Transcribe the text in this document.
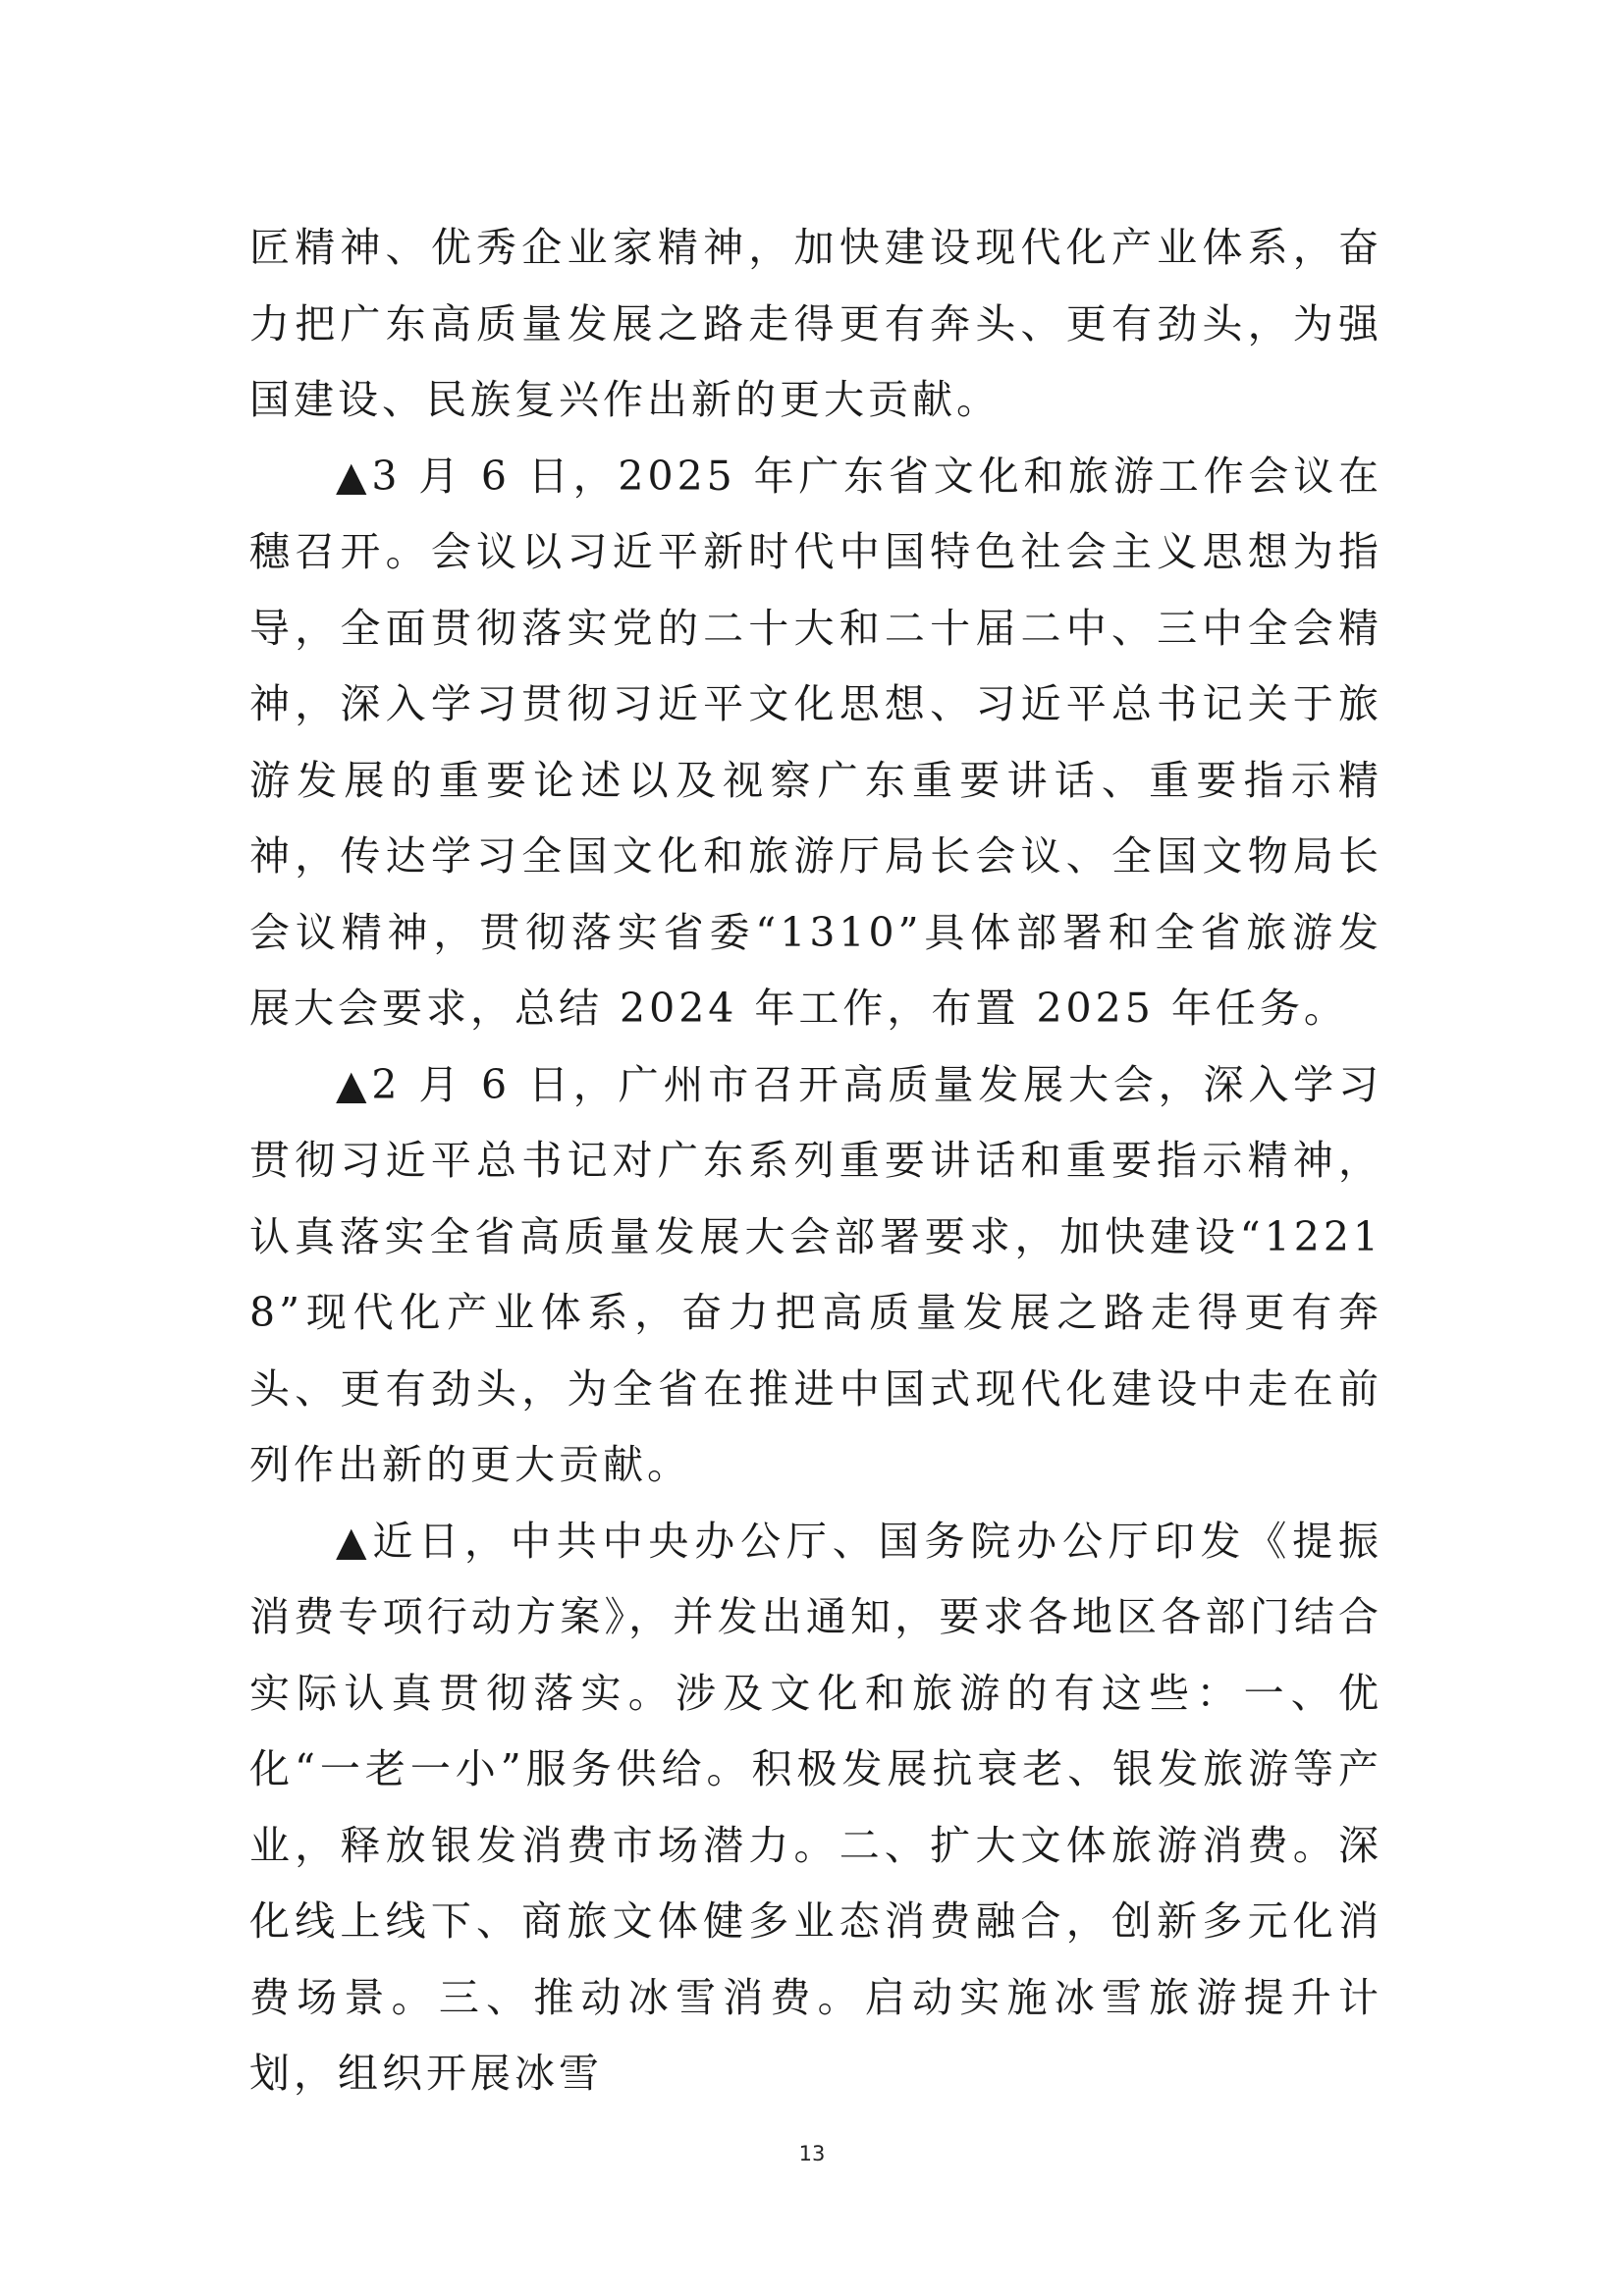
匠精神、优秀企业家精神，加快建设现代化产业体系，奋力把广东高质量发展之路走得更有奔头、更有劲头，为强国建设、民族复兴作出新的更大贡献。

▲3 月 6 日，2025 年广东省文化和旅游工作会议在穗召开。会议以习近平新时代中国特色社会主义思想为指导，全面贯彻落实党的二十大和二十届二中、三中全会精神，深入学习贯彻习近平文化思想、习近平总书记关于旅游发展的重要论述以及视察广东重要讲话、重要指示精神，传达学习全国文化和旅游厅局长会议、全国文物局长会议精神，贯彻落实省委“1310”具体部署和全省旅游发展大会要求，总结 2024 年工作，布置 2025 年任务。

▲2 月 6 日，广州市召开高质量发展大会，深入学习贯彻习近平总书记对广东系列重要讲话和重要指示精神，认真落实全省高质量发展大会部署要求，加快建设“12218”现代化产业体系，奋力把高质量发展之路走得更有奔头、更有劲头，为全省在推进中国式现代化建设中走在前列作出新的更大贡献。

▲近日，中共中央办公厅、国务院办公厅印发《提振消费专项行动方案》，并发出通知，要求各地区各部门结合实际认真贯彻落实。涉及文化和旅游的有这些：一、优化“一老一小”服务供给。积极发展抗衰老、银发旅游等产业，释放银发消费市场潜力。二、扩大文体旅游消费。深化线上线下、商旅文体健多业态消费融合，创新多元化消费场景。三、推动冰雪消费。启动实施冰雪旅游提升计划，组织开展冰雪

13
